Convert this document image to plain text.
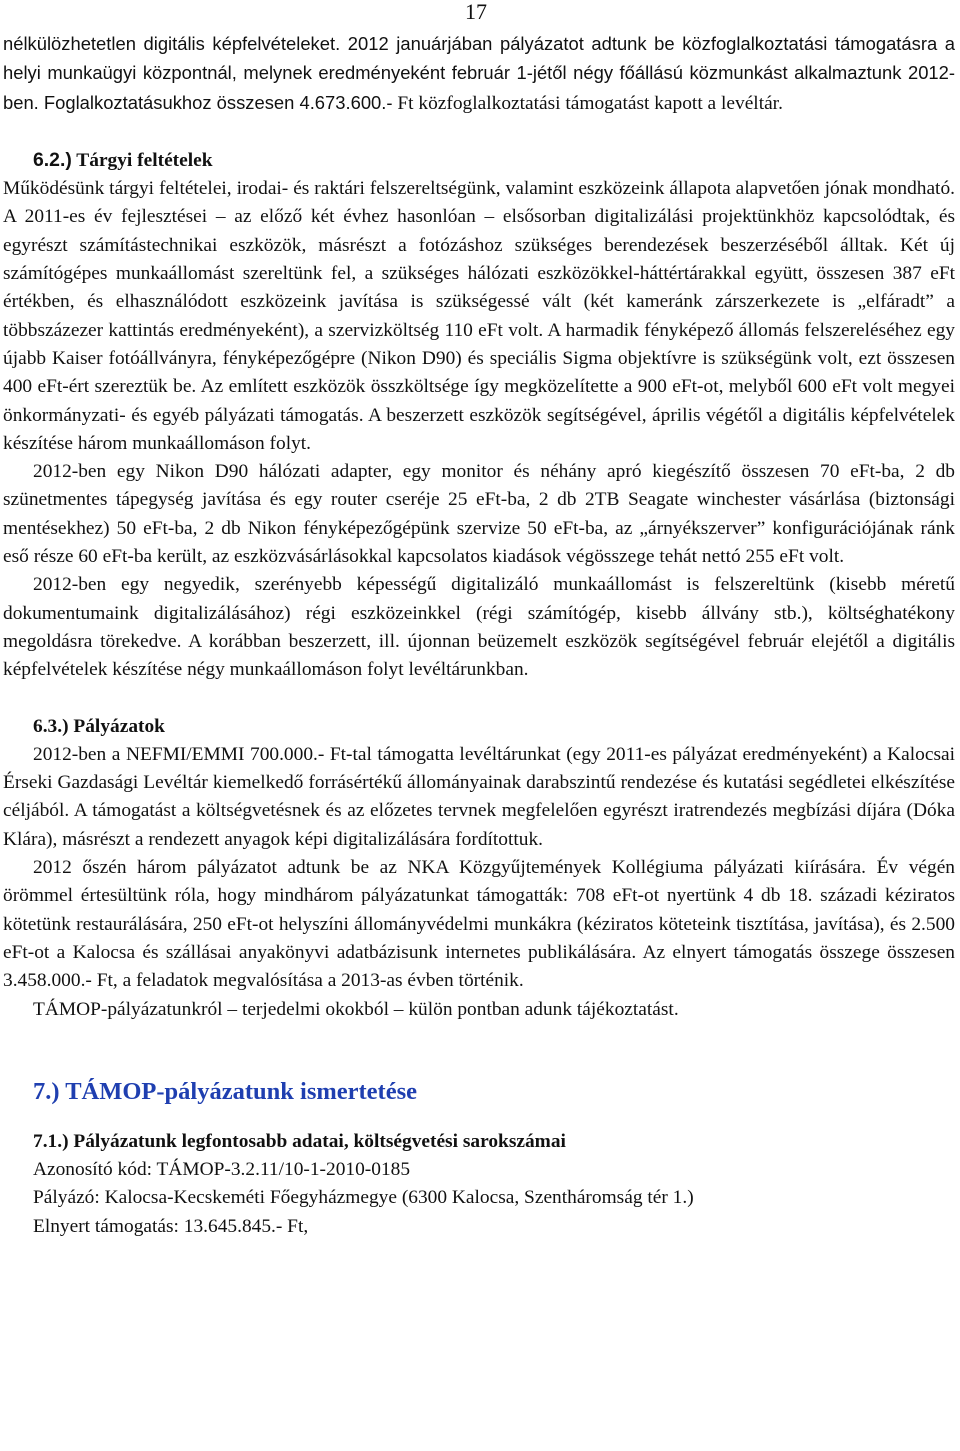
17

nélkülözhetetlen digitális képfelvételeket. 2012 januárjában pályázatot adtunk be közfoglalkoztatási támogatásra a helyi munkaügyi központnál, melynek eredményeként február 1-jétől négy főállású közmunkást alkalmaztunk 2012-ben. Foglalkoztatásukhoz összesen 4.673.600.- Ft közfoglalkoztatási támogatást kapott a levéltár.

6.2.) Tárgyi feltételek

Működésünk tárgyi feltételei, irodai- és raktári felszereltségünk, valamint eszközeink állapota alapvetően jónak mondható. A 2011-es év fejlesztései – az előző két évhez hasonlóan – elsősorban digitalizálási projektünkhöz kapcsolódtak, és egyrészt számítástechnikai eszközök, másrészt a fotózáshoz szükséges berendezések beszerzéséből álltak. Két új számítógépes munkaállomást szereltünk fel, a szükséges hálózati eszközökkel-háttértárakkal együtt, összesen 387 eFt értékben, és elhasználódott eszközeink javítása is szükségessé vált (két kameránk zárszerkezete is „elfáradt” a többszázezer kattintás eredményeként), a szervizköltség 110 eFt volt. A harmadik fényképező állomás felszereléséhez egy újabb Kaiser fotóállványra, fényképezőgépre (Nikon D90) és speciális Sigma objektívre is szükségünk volt, ezt összesen 400 eFt-ért szereztük be. Az említett eszközök összköltsége így megközelítette a 900 eFt-ot, melyből 600 eFt volt megyei önkormányzati- és egyéb pályázati támogatás. A beszerzett eszközök segítségével, április végétől a digitális képfelvételek készítése három munkaállomáson folyt.

2012-ben egy Nikon D90 hálózati adapter, egy monitor és néhány apró kiegészítő összesen 70 eFt-ba, 2 db szünetmentes tápegység javítása és egy router cseréje 25 eFt-ba, 2 db 2TB Seagate winchester vásárlása (biztonsági mentésekhez) 50 eFt-ba, 2 db Nikon fényképezőgépünk szervize 50 eFt-ba, az „árnyékszerver” konfigurációjának ránk eső része 60 eFt-ba került, az eszközvásárlásokkal kapcsolatos kiadások végösszege tehát nettó 255 eFt volt.

2012-ben egy negyedik, szerényebb képességű digitalizáló munkaállomást is felszereltünk (kisebb méretű dokumentumaink digitalizálásához) régi eszközeinkkel (régi számítógép, kisebb állvány stb.), költséghatékony megoldásra törekedve. A korábban beszerzett, ill. újonnan beüzemelt eszközök segítségével február elejétől a digitális képfelvételek készítése négy munkaállomáson folyt levéltárunkban.

6.3.) Pályázatok

2012-ben a NEFMI/EMMI 700.000.- Ft-tal támogatta levéltárunkat (egy 2011-es pályázat eredményeként) a Kalocsai Érseki Gazdasági Levéltár kiemelkedő forrásértékű állományainak darabszintű rendezése és kutatási segédletei elkészítése céljából. A támogatást a költségvetésnek és az előzetes tervnek megfelelően egyrészt iratrendezés megbízási díjára (Dóka Klára), másrészt a rendezett anyagok képi digitalizálására fordítottuk.

2012 őszén három pályázatot adtunk be az NKA Közgyűjtemények Kollégiuma pályázati kiírására. Év végén örömmel értesültünk róla, hogy mindhárom pályázatunkat támogatták: 708 eFt-ot nyertünk 4 db 18. századi kéziratos kötetünk restaurálására, 250 eFt-ot helyszíni állományvédelmi munkákra (kéziratos köteteink tisztítása, javítása), és 2.500 eFt-ot a Kalocsa és szállásai anyakönyvi adatbázisunk internetes publikálására. Az elnyert támogatás összege összesen 3.458.000.- Ft, a feladatok megvalósítása a 2013-as évben történik.

TÁMOP-pályázatunkról – terjedelmi okokból – külön pontban adunk tájékoztatást.

7.) TÁMOP-pályázatunk ismertetése
7.1.) Pályázatunk legfontosabb adatai, költségvetési sarokszámai

Azonosító kód: TÁMOP-3.2.11/10-1-2010-0185

Pályázó: Kalocsa-Kecskeméti Főegyházmegye (6300 Kalocsa, Szentháromság tér 1.)

Elnyert támogatás: 13.645.845.- Ft,
